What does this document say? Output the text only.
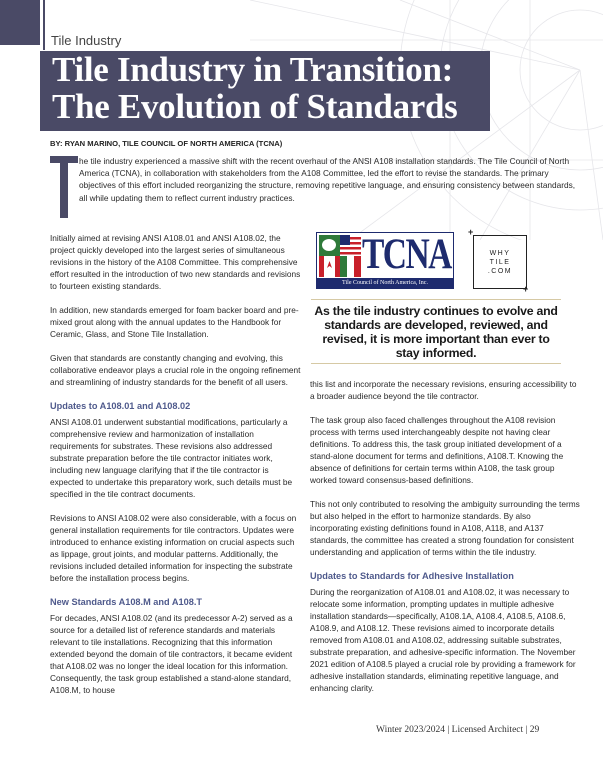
Tile Industry
Tile Industry in Transition:
The Evolution of Standards
BY: RYAN MARINO, TILE COUNCIL OF NORTH AMERICA (TCNA)
he tile industry experienced a massive shift with the recent overhaul of the ANSI A108 installation standards. The Tile Council of North America (TCNA), in collaboration with stakeholders from the A108 Committee, led the effort to revise the standards. The primary objectives of this effort included reorganizing the structure, removing repetitive language, and ensuring consistency between standards, all while updating them to reflect current industry practices.

Initially aimed at revising ANSI A108.01 and ANSI A108.02, the project quickly developed into the largest series of simultaneous revisions in the history of the A108 Committee. This comprehensive effort resulted in the introduction of two new standards and revisions to fourteen existing standards.

In addition, new standards emerged for foam backer board and pre-mixed grout along with the annual updates to the Handbook for Ceramic, Glass, and Stone Tile Installation.

Given that standards are constantly changing and evolving, this collaborative endeavor plays a crucial role in the ongoing refinement and streamlining of industry standards for the benefit of all users.

Updates to A108.01 and A108.02

ANSI A108.01 underwent substantial modifications, particularly a comprehensive review and harmonization of installation requirements for substrates. These revisions also addressed substrate preparation before the tile contractor initiates work, including new language clarifying that if the tile contractor is expected to undertake this preparatory work, such details must be specified in the tile contract documents.

Revisions to ANSI A108.02 were also considerable, with a focus on general installation requirements for tile contractors. Updates were introduced to enhance existing information on crucial aspects such as lippage, grout joints, and modular patterns. Additionally, the revisions included detailed information for inspecting the substrate before the installation process begins.

New Standards A108.M and A108.T

For decades, ANSI A108.02 (and its predecessor A-2) served as a source for a detailed list of reference standards and materials relevant to tile installations. Recognizing that this information extended beyond the domain of tile contractors, it became evident that A108.02 was no longer the ideal location for this information. Consequently, the task group established a stand-alone standard, A108.M, to house

TCNA
Tile Council of North America, Inc.
+
WHY
TILE
.COM
+
As the tile industry continues to evolve and standards are developed, reviewed, and revised, it is more important than ever to stay informed.

this list and incorporate the necessary revisions, ensuring accessibility to a broader audience beyond the tile contractor.

The task group also faced challenges throughout the A108 revision process with terms used interchangeably despite not having clear definitions. To address this, the task group initiated development of a stand-alone document for terms and definitions, A108.T. Knowing the absence of definitions for certain terms within A108, the task group worked toward consensus-based definitions.

This not only contributed to resolving the ambiguity surrounding the terms but also helped in the effort to harmonize standards. By also incorporating existing definitions found in A108, A118, and A137 standards, the committee has created a strong foundation for consistent understanding and application of terms within the tile industry.

Updates to Standards for Adhesive Installation

During the reorganization of A108.01 and A108.02, it was necessary to relocate some information, prompting updates in multiple adhesive installation standards—specifically, A108.1A, A108.4, A108.5, A108.6, A108.9, and A108.12. These revisions aimed to incorporate details removed from A108.01 and A108.02, addressing suitable substrates, substrate preparation, and adhesive-specific information. The November 2021 edition of A108.5 played a crucial role by providing a framework for adhesive installation standards, eliminating repetitive language, and enhancing clarity.

Winter 2023/2024 | Licensed Architect | 29
